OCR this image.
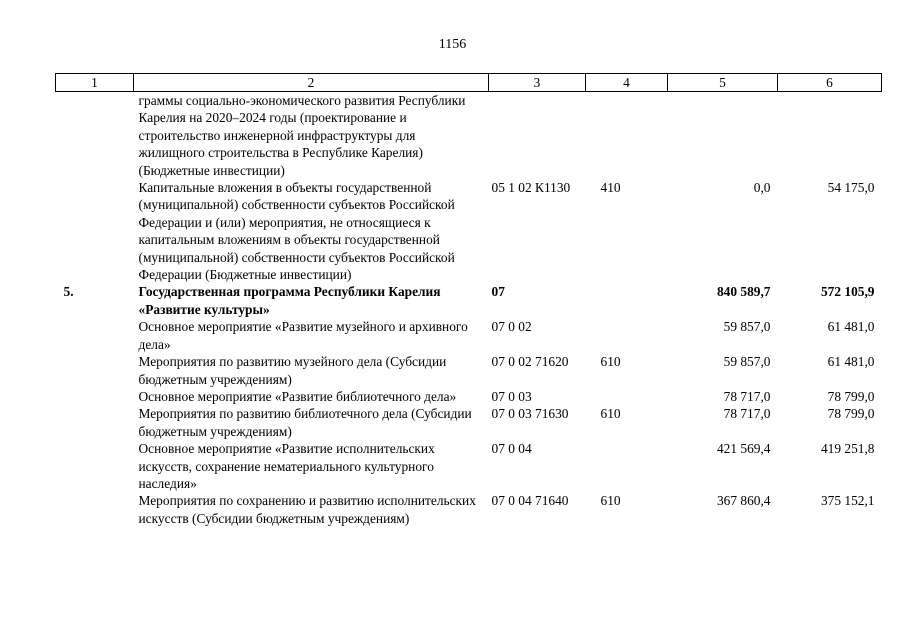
1156
1	2	3	4	5	6
	граммы социально-экономического развития Республики Карелия на 2020–2024 годы (проектирование и строительство инженерной инфраструктуры для жилищного строительства в Республике Карелия) (Бюджетные инвестиции)				
	Капитальные вложения в объекты государственной (муниципальной) собственности субъектов Российской Федерации и (или) мероприятия, не относящиеся к капитальным вложениям в объекты государственной (муниципальной) собственности субъектов Российской Федерации (Бюджетные инвестиции)	05 1 02 К1130	410	0,0	54 175,0
5.	Государственная программа Республики Карелия «Развитие культуры»	07		840 589,7	572 105,9
	Основное мероприятие «Развитие музейного и архивного дела»	07 0 02		59 857,0	61 481,0
	Мероприятия по развитию музейного дела (Субсидии бюджетным учреждениям)	07 0 02 71620	610	59 857,0	61 481,0
	Основное мероприятие «Развитие библиотечного дела»	07 0 03		78 717,0	78 799,0
	Мероприятия по развитию библиотечного дела (Субсидии бюджетным учреждениям)	07 0 03 71630	610	78 717,0	78 799,0
	Основное мероприятие «Развитие исполнительских искусств, сохранение нематериального культурного наследия»	07 0 04		421 569,4	419 251,8
	Мероприятия по сохранению и развитию исполнительских искусств (Субсидии бюджетным учреждениям)	07 0 04 71640	610	367 860,4	375 152,1
